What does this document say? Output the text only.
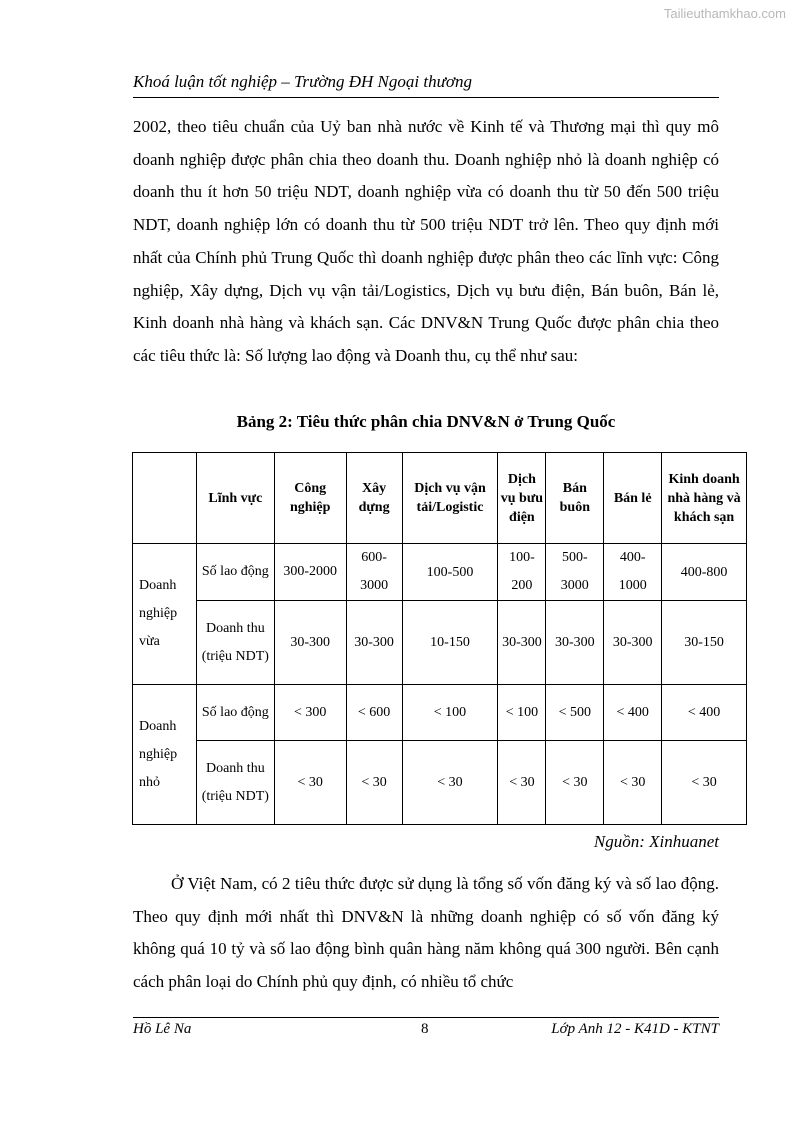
Tailieuthamkhao.com
Khoá luận tốt nghiệp – Trường ĐH Ngoại thương
2002, theo tiêu chuẩn của Uỷ ban nhà nước về Kinh tế và Thương mại thì quy mô doanh nghiệp được phân chia theo doanh thu. Doanh nghiệp nhỏ là doanh nghiệp có doanh thu ít hơn 50 triệu NDT, doanh nghiệp vừa có doanh thu từ 50 đến 500 triệu NDT, doanh nghiệp lớn có doanh thu từ 500 triệu NDT trở lên. Theo quy định mới nhất của Chính phủ Trung Quốc thì doanh nghiệp được phân theo các lĩnh vực: Công nghiệp, Xây dựng, Dịch vụ vận tải/Logistics, Dịch vụ bưu điện, Bán buôn, Bán lẻ, Kinh doanh nhà hàng và khách sạn. Các DNV&N Trung Quốc được phân chia theo các tiêu thức là: Số lượng lao động và Doanh thu, cụ thể như sau:
Bảng 2: Tiêu thức phân chia DNV&N ở Trung Quốc
	Lĩnh vực	Công nghiệp	Xây dựng	Dịch vụ vận tải/Logistic	Dịch vụ bưu điện	Bán buôn	Bán lẻ	Kinh doanh nhà hàng và khách sạn
Doanh nghiệp vừa	Số lao động	300-2000	600-3000	100-500	100-200	500-3000	400-1000	400-800
	Doanh thu (triệu NDT)	30-300	30-300	10-150	30-300	30-300	30-300	30-150
Doanh nghiệp nhỏ	Số lao động	< 300	< 600	< 100	< 100	< 500	< 400	< 400
	Doanh thu (triệu NDT)	< 30	< 30	< 30	< 30	< 30	< 30	< 30
Nguồn: Xinhuanet
Ở Việt Nam, có 2 tiêu thức được sử dụng là tổng số vốn đăng ký và số lao động. Theo quy định mới nhất thì DNV&N là những doanh nghiệp có số vốn đăng ký không quá 10 tỷ và số lao động bình quân hàng năm không quá 300 người. Bên cạnh cách phân loại do Chính phủ quy định, có nhiều tổ chức
Hồ Lê Na	8	Lớp Anh 12 - K41D - KTNT
